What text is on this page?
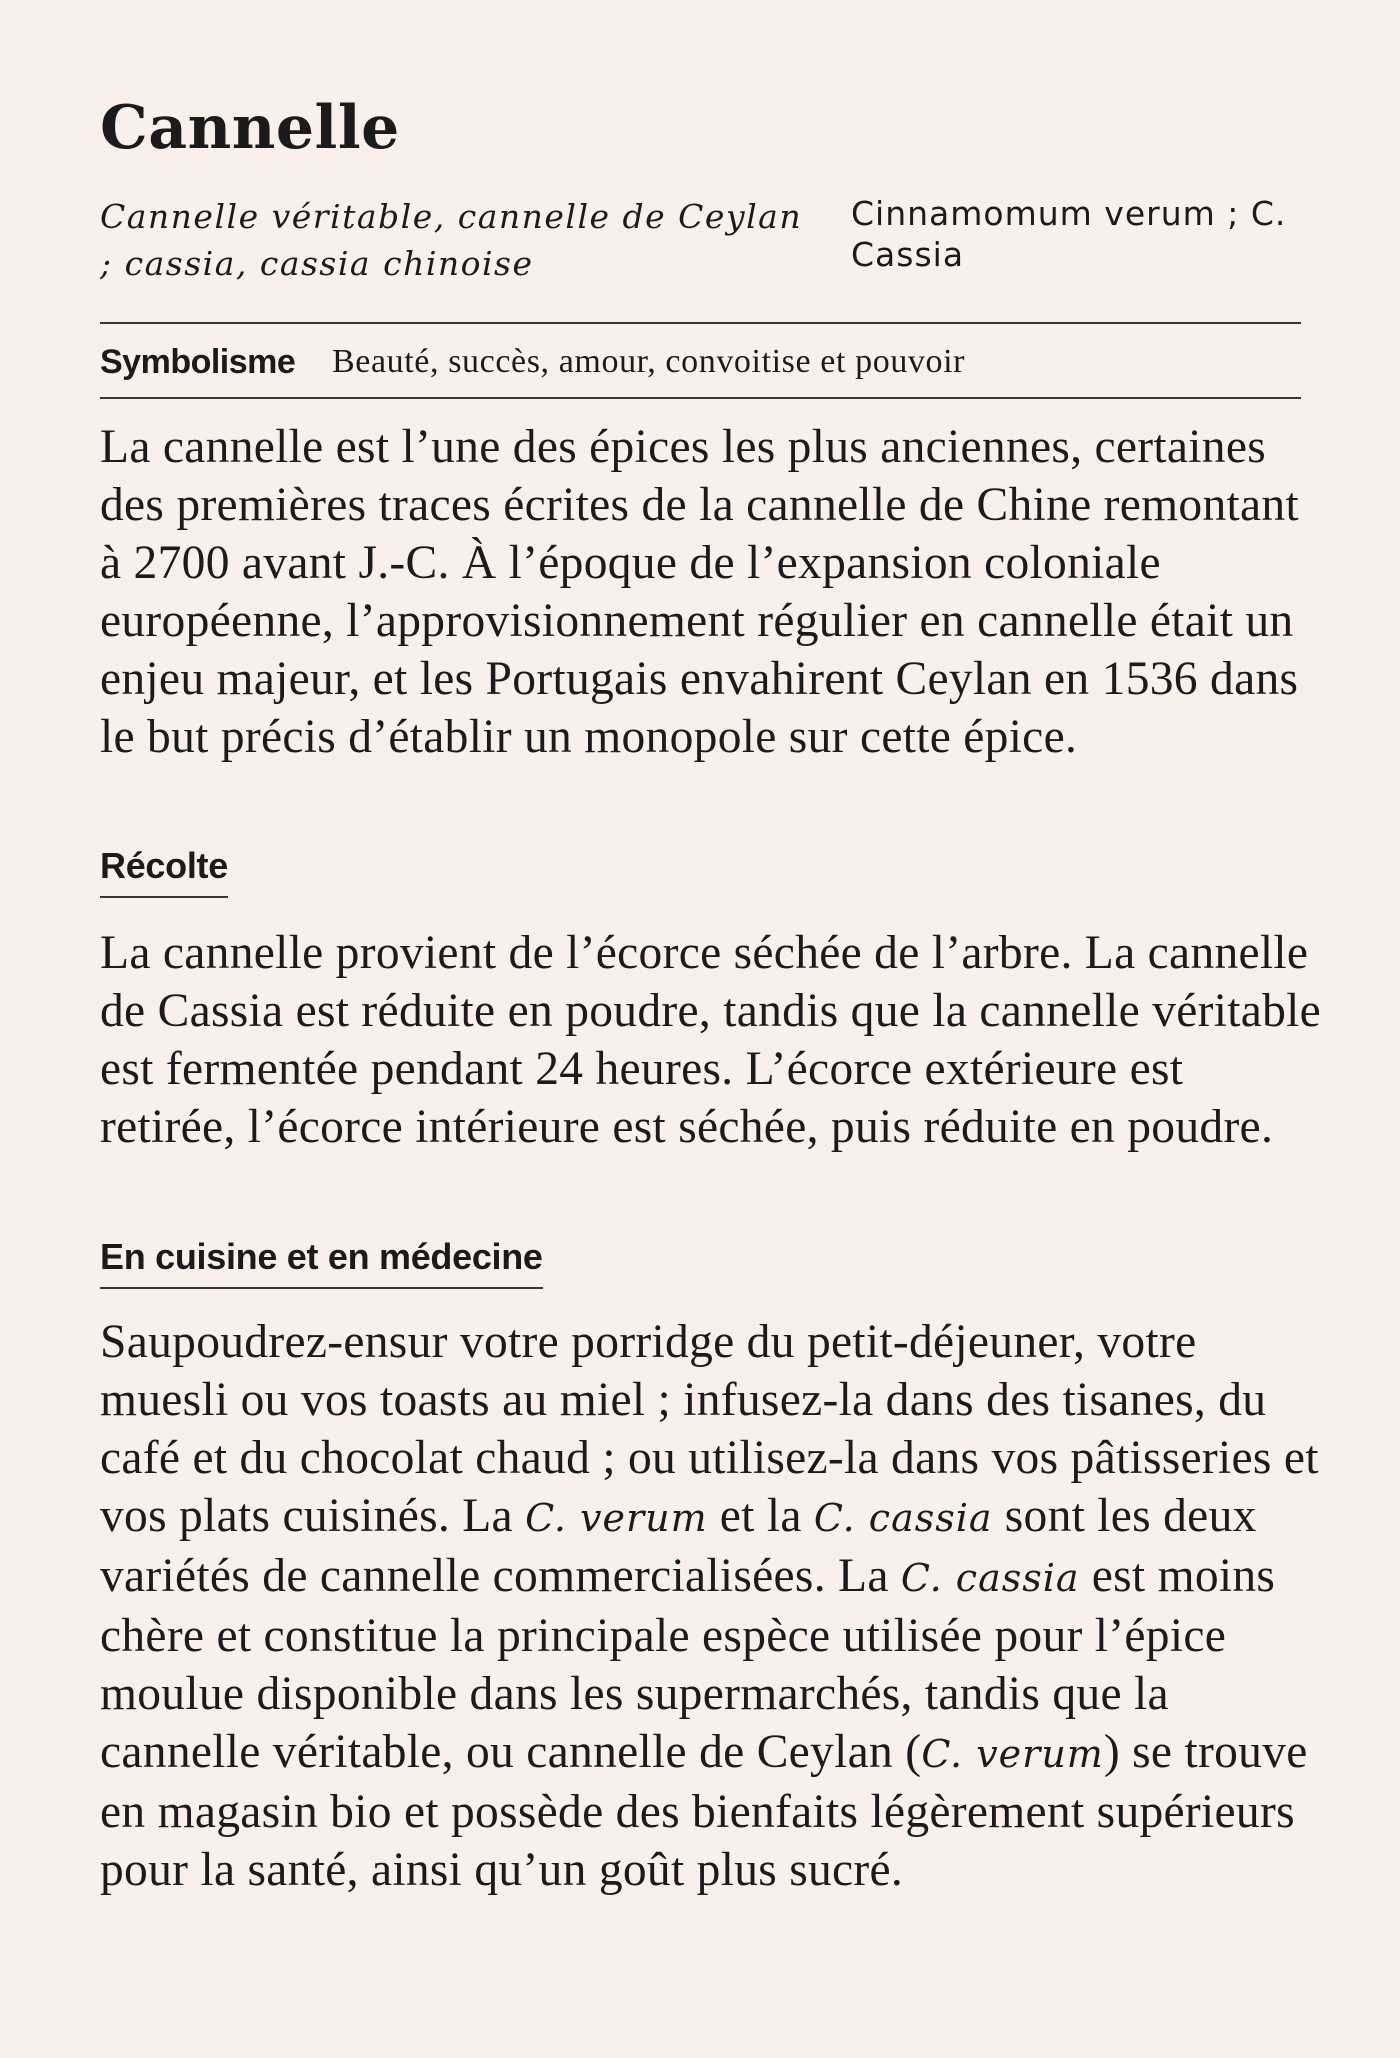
Cannelle
Cannelle véritable, cannelle de Ceylan ; cassia, cassia chinoise
Cinnamomum verum ; C. Cassia
Symbolisme Beauté, succès, amour, convoitise et pouvoir

La cannelle est l’une des épices les plus anciennes, certaines des premières traces écrites de la cannelle de Chine remontant à 2700 avant J.-C. À l’époque de l’expansion coloniale européenne, l’approvisionnement régulier en cannelle était un enjeu majeur, et les Portugais envahirent Ceylan en 1536 dans le but précis d’établir un monopole sur cette épice.

Récolte

La cannelle provient de l’écorce séchée de l’arbre. La cannelle de Cassia est réduite en poudre, tandis que la cannelle véritable est fermentée pendant 24 heures. L’écorce extérieure est retirée, l’écorce intérieure est séchée, puis réduite en poudre.

En cuisine et en médecine

Saupoudrez-ensur votre porridge du petit-déjeuner, votre muesli ou vos toasts au miel ; infusez-la dans des tisanes, du café et du chocolat chaud ; ou utilisez-la dans vos pâtisseries et vos plats cuisinés. La C. verum et la C. cassia sont les deux variétés de cannelle commercialisées. La C. cassia est moins chère et constitue la principale espèce utilisée pour l’épice moulue disponible dans les supermarchés, tandis que la cannelle véritable, ou cannelle de Ceylan (C. verum) se trouve en magasin bio et possède des bienfaits légèrement supérieurs pour la santé, ainsi qu’un goût plus sucré.
